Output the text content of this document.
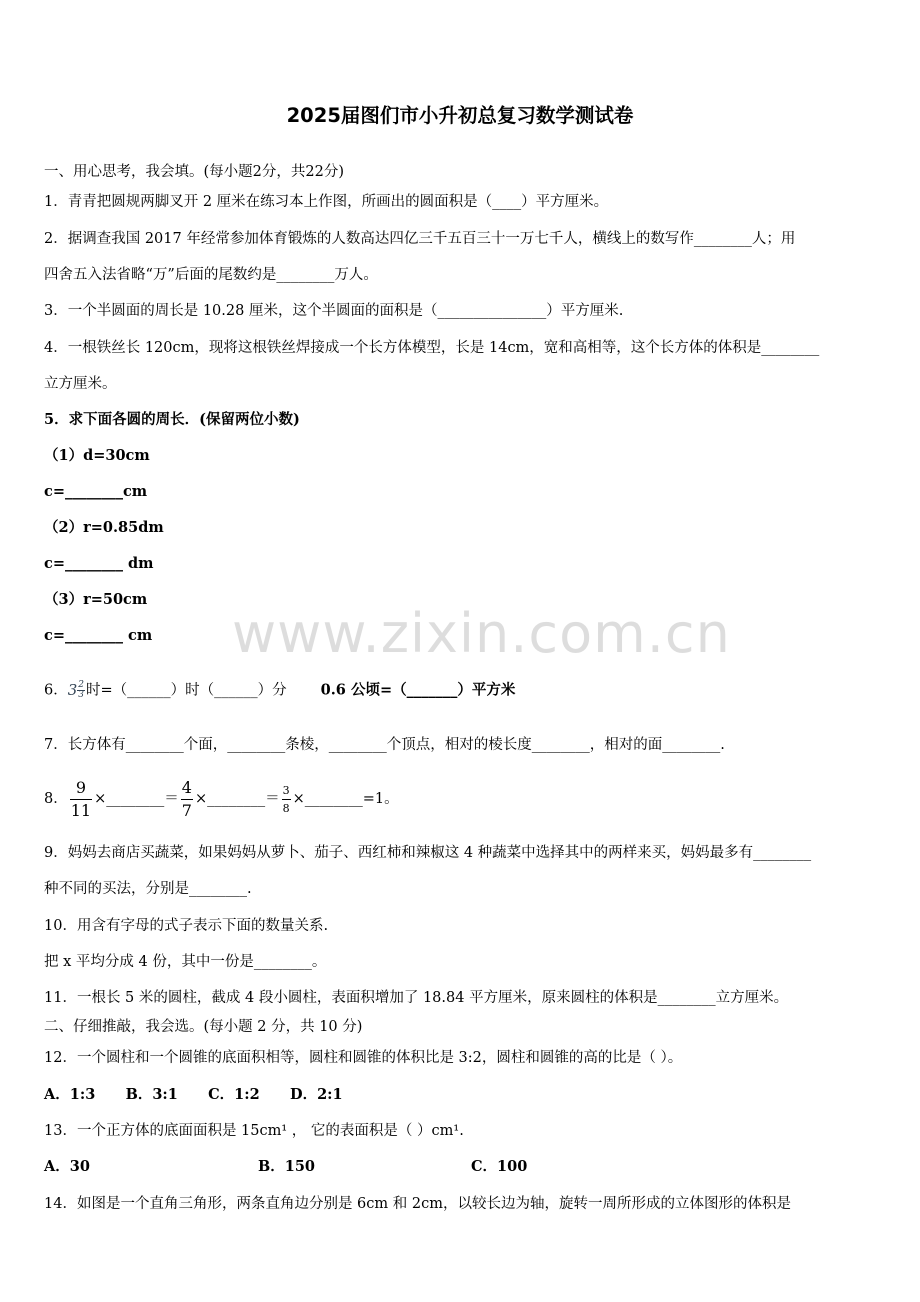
2025届图们市小升初总复习数学测试卷
www.zixin.com.cn
一、用心思考，我会填。(每小题2分，共22分)
1．青青把圆规两脚叉开 2 厘米在练习本上作图，所画出的圆面积是（____）平方厘米。
2．据调查我国 2017 年经常参加体育锻炼的人数高达四亿三千五百三十一万七千人，横线上的数写作________人；用
四舍五入法省略“万”后面的尾数约是________万人。
3．一个半圆面的周长是 10.28 厘米，这个半圆面的面积是（_______________）平方厘米.
4．一根铁丝长 120cm，现将这根铁丝焊接成一个长方体模型，长是 14cm，宽和高相等，这个长方体的体积是________
立方厘米。
5．求下面各圆的周长．(保留两位小数)
（1）d=30cm
c=________cm
（2）r=0.85dm
c=________ dm
（3）r=50cm
c=________ cm
6．$3 \frac{2}{3}$ 时=（______）时（______）分 0.6 公顷=（_______）平方米
7．长方体有________个面，________条棱，________个顶点，相对的棱长度________，相对的面________.
8． $\frac{9}{11}$ ×________＝ $\frac{4}{7}$ ×________＝ $\frac{3}{8}$ ×________=1。
9．妈妈去商店买蔬菜，如果妈妈从萝卜、茄子、西红柿和辣椒这 4 种蔬菜中选择其中的两样来买，妈妈最多有________
种不同的买法，分别是________.
10．用含有字母的式子表示下面的数量关系.
把 x 平均分成 4 份，其中一份是________。
11．一根长 5 米的圆柱，截成 4 段小圆柱，表面积增加了 18.84 平方厘米，原来圆柱的体积是________立方厘米。
二、仔细推敲，我会选。(每小题 2 分，共 10 分)
12．一个圆柱和一个圆锥的底面积相等，圆柱和圆锥的体积比是 3:2，圆柱和圆锥的高的比是（ ）。
A．1:3      B．3:1      C．1:2      D．2:1
13．一个正方体的底面面积是 15cm¹ ， 它的表面积是（ ）cm¹.
A．30	B．150	C．100
14．如图是一个直角三角形，两条直角边分别是 6cm 和 2cm，以较长边为轴，旋转一周所形成的立体图形的体积是
